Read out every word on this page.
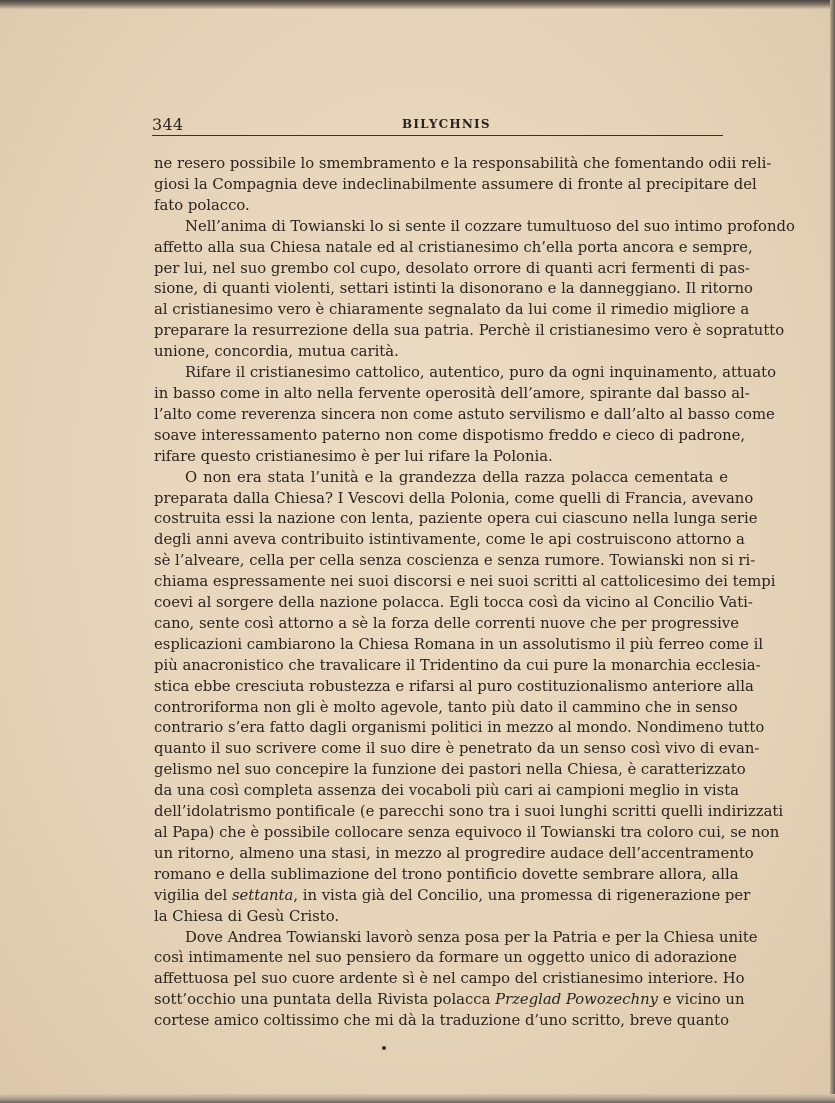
344	BILYCHNIS
ne resero possibile lo smembramento e la responsabilità che fomentando odii reli-
giosi la Compagnia deve indeclinabilmente assumere di fronte al precipitare del
fato polacco.
Nell’anima di Towianski lo si sente il cozzare tumultuoso del suo intimo profondo
affetto alla sua Chiesa natale ed al cristianesimo ch’ella porta ancora e sempre,
per lui, nel suo grembo col cupo, desolato orrore di quanti acri fermenti di pas-
sione, di quanti violenti, settari istinti la disonorano e la danneggiano. Il ritorno
al cristianesimo vero è chiaramente segnalato da lui come il rimedio migliore a
preparare la resurrezione della sua patria. Perchè il cristianesimo vero è sopratutto
unione, concordia, mutua carità.
Rifare il cristianesimo cattolico, autentico, puro da ogni inquinamento, attuato
in basso come in alto nella fervente operosità dell’amore, spirante dal basso al-
l’alto come reverenza sincera non come astuto servilismo e dall’alto al basso come
soave interessamento paterno non come dispotismo freddo e cieco di padrone,
rifare questo cristianesimo è per lui rifare la Polonia.
O non era stata l’unità e la grandezza della razza polacca cementata e
preparata dalla Chiesa? I Vescovi della Polonia, come quelli di Francia, avevano
costruita essi la nazione con lenta, paziente opera cui ciascuno nella lunga serie
degli anni aveva contribuito istintivamente, come le api costruiscono attorno a
sè l’alveare, cella per cella senza coscienza e senza rumore. Towianski non si ri-
chiama espressamente nei suoi discorsi e nei suoi scritti al cattolicesimo dei tempi
coevi al sorgere della nazione polacca. Egli tocca così da vicino al Concilio Vati-
cano, sente così attorno a sè la forza delle correnti nuove che per progressive
esplicazioni cambiarono la Chiesa Romana in un assolutismo il più ferreo come il
più anacronistico che travalicare il Tridentino da cui pure la monarchia ecclesia-
stica ebbe cresciuta robustezza e rifarsi al puro costituzionalismo anteriore alla
controriforma non gli è molto agevole, tanto più dato il cammino che in senso
contrario s’era fatto dagli organismi politici in mezzo al mondo. Nondimeno tutto
quanto il suo scrivere come il suo dire è penetrato da un senso così vivo di evan-
gelismo nel suo concepire la funzione dei pastori nella Chiesa, è caratterizzato
da una così completa assenza dei vocaboli più cari ai campioni meglio in vista
dell’idolatrismo pontificale (e parecchi sono tra i suoi lunghi scritti quelli indirizzati
al Papa) che è possibile collocare senza equivoco il Towianski tra coloro cui, se non
un ritorno, almeno una stasi, in mezzo al progredire audace dell’accentramento
romano e della sublimazione del trono pontificio dovette sembrare allora, alla
vigilia del settanta, in vista già del Concilio, una promessa di rigenerazione per
la Chiesa di Gesù Cristo.
Dove Andrea Towianski lavorò senza posa per la Patria e per la Chiesa unite
così intimamente nel suo pensiero da formare un oggetto unico di adorazione
affettuosa pel suo cuore ardente sì è nel campo del cristianesimo interiore. Ho
sott’occhio una puntata della Rivista polacca Przeglad Powozechny e vicino un
cortese amico coltissimo che mi dà la traduzione d’uno scritto, breve quanto
